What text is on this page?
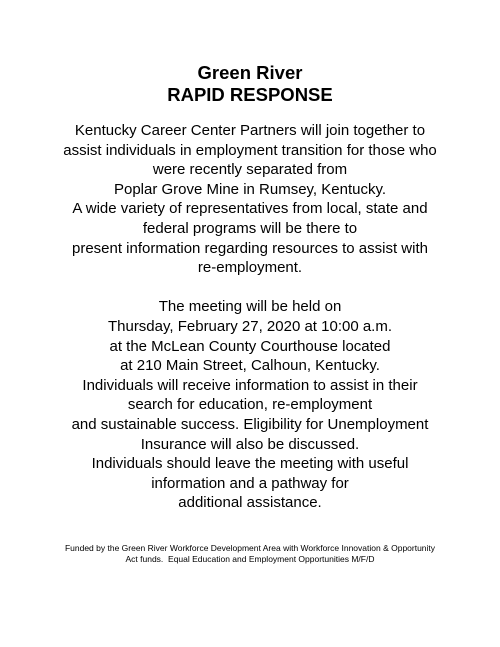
Green River

RAPID RESPONSE

Kentucky Career Center Partners will join together to

assist individuals in employment transition for those who

were recently separated from

Poplar Grove Mine in Rumsey, Kentucky.

A wide variety of representatives from local, state and

federal programs will be there to

present information regarding resources to assist with

re-employment.

The meeting will be held on

Thursday, February 27, 2020 at 10:00 a.m.

at the McLean County Courthouse located

at 210 Main Street, Calhoun, Kentucky.

Individuals will receive information to assist in their

search for education, re-employment

and sustainable success. Eligibility for Unemployment

Insurance will also be discussed.

Individuals should leave the meeting with useful

information and a pathway for

additional assistance.

Funded by the Green River Workforce Development Area with Workforce Innovation & Opportunity

Act funds.  Equal Education and Employment Opportunities M/F/D
